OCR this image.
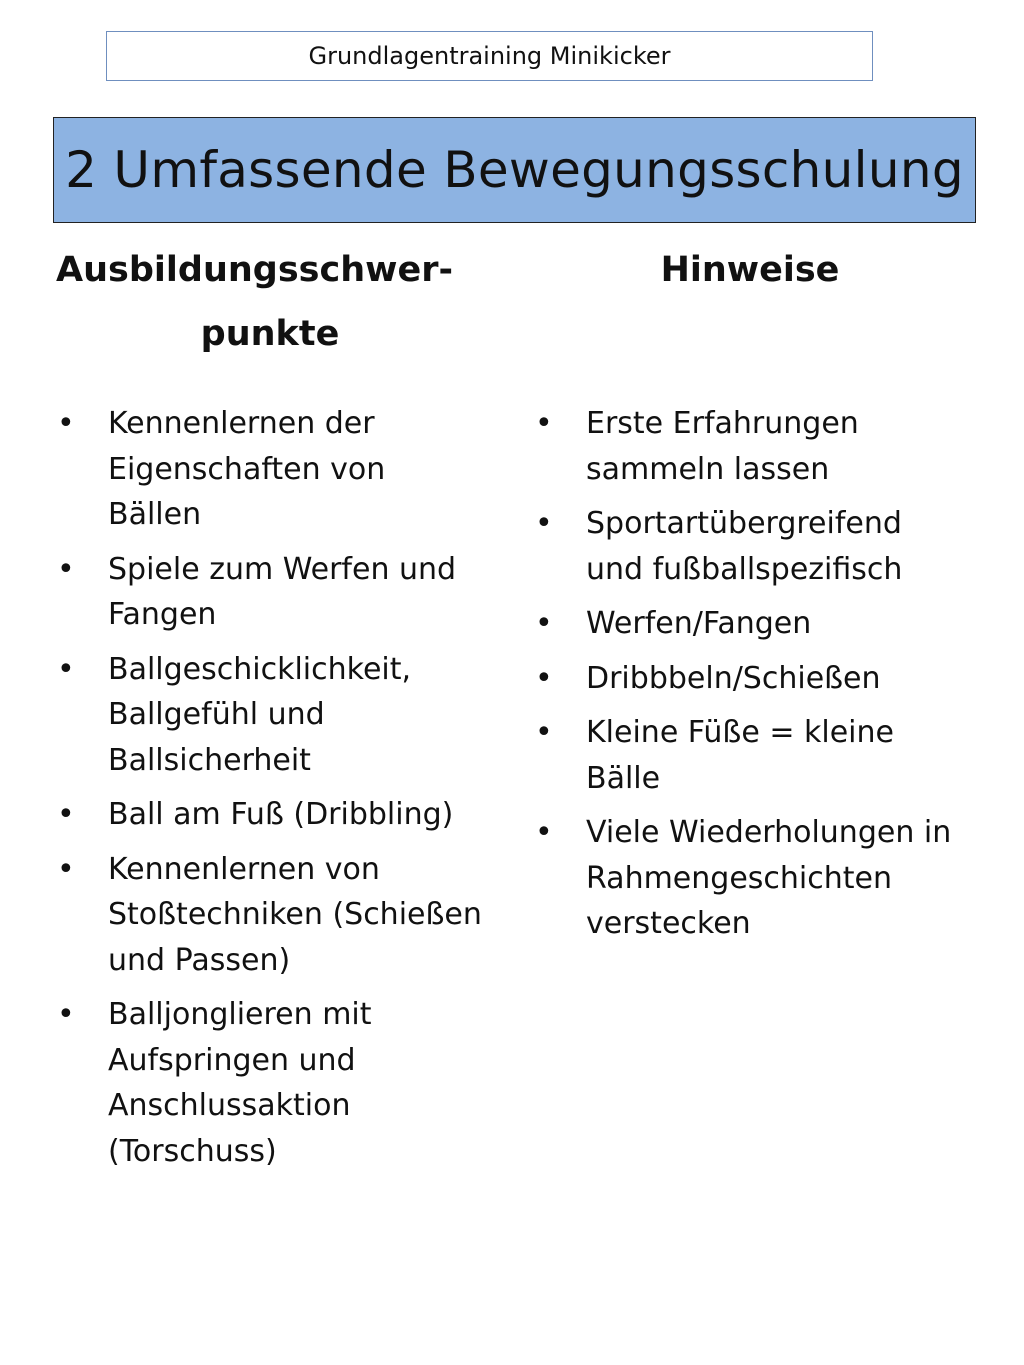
Grundlagentraining Minikicker
2 Umfassende Bewegungsschulung
Ausbildungsschwer-
punkte
Hinweise
• Kennenlernen der Eigenschaften von Bällen
• Spiele zum Werfen und Fangen
• Ballgeschicklichkeit, Ballgefühl und Ballsicherheit
• Ball am Fuß (Dribbling)
• Kennenlernen von Stoßtechniken (Schießen und Passen)
• Balljonglieren mit Aufspringen und Anschlussaktion (Torschuss)
• Erste Erfahrungen sammeln lassen
• Sportartübergreifend und fußballspezifisch
• Werfen/Fangen
• Dribbbeln/Schießen
• Kleine Füße = kleine Bälle
• Viele Wiederholungen in Rahmengeschichten verstecken
